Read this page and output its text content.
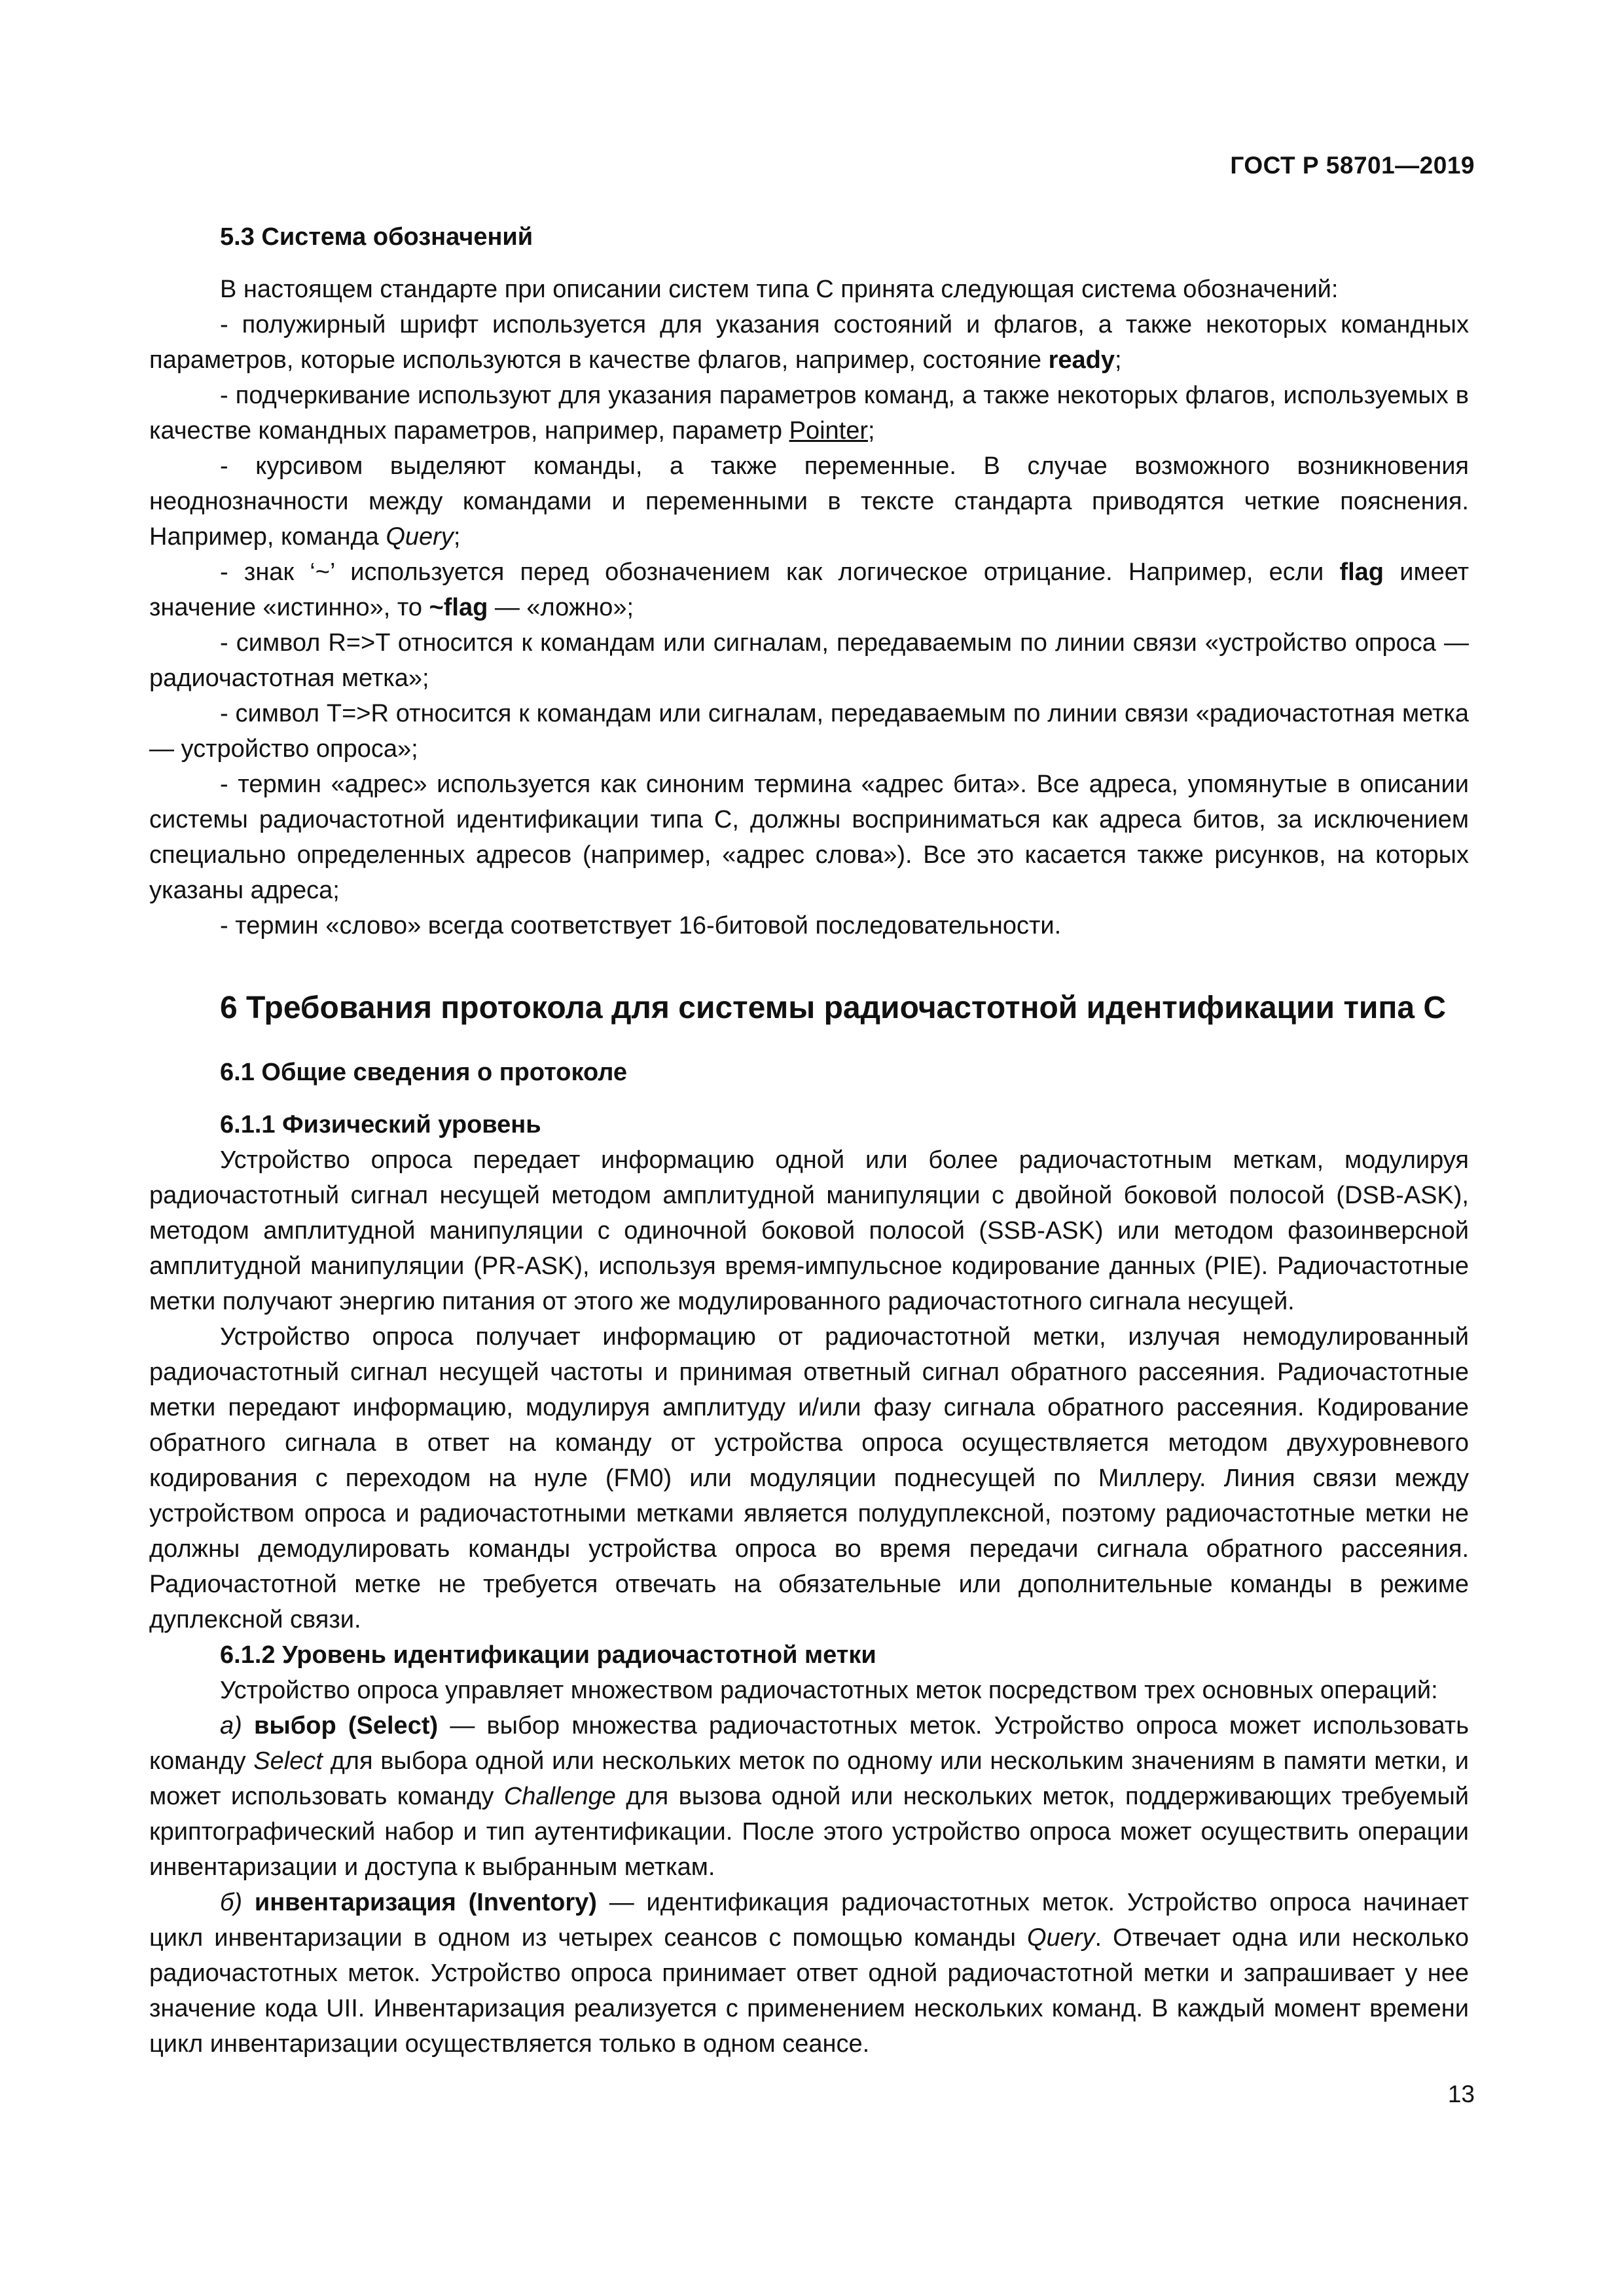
ГОСТ Р 58701—2019

5.3 Система обозначений

В настоящем стандарте при описании систем типа С принята следующая система обозначений:

- полужирный шрифт используется для указания состояний и флагов, а также некоторых командных параметров, которые используются в качестве флагов, например, состояние ready;

- подчеркивание используют для указания параметров команд, а также некоторых флагов, используемых в качестве командных параметров, например, параметр Pointer;

- курсивом выделяют команды, а также переменные. В случае возможного возникновения неоднозначности между командами и переменными в тексте стандарта приводятся четкие пояснения. Например, команда Query;

- знак ‘~’ используется перед обозначением как логическое отрицание. Например, если flag имеет значение «истинно», то ~flag — «ложно»;

- символ R=>T относится к командам или сигналам, передаваемым по линии связи «устройство опроса — радиочастотная метка»;

- символ T=>R относится к командам или сигналам, передаваемым по линии связи «радиочастотная метка — устройство опроса»;

- термин «адрес» используется как синоним термина «адрес бита». Все адреса, упомянутые в описании системы радиочастотной идентификации типа С, должны восприниматься как адреса битов, за исключением специально определенных адресов (например, «адрес слова»). Все это касается также рисунков, на которых указаны адреса;

- термин «слово» всегда соответствует 16-битовой последовательности.

6 Требования протокола для системы радиочастотной идентификации типа С

6.1 Общие сведения о протоколе

6.1.1 Физический уровень

Устройство опроса передает информацию одной или более радиочастотным меткам, модулируя радиочастотный сигнал несущей методом амплитудной манипуляции с двойной боковой полосой (DSB-ASK), методом амплитудной манипуляции с одиночной боковой полосой (SSB-ASK) или методом фазоинверсной амплитудной манипуляции (PR-ASK), используя время-импульсное кодирование данных (PIE). Радиочастотные метки получают энергию питания от этого же модулированного радиочастотного сигнала несущей.

Устройство опроса получает информацию от радиочастотной метки, излучая немодулированный радиочастотный сигнал несущей частоты и принимая ответный сигнал обратного рассеяния. Радиочастотные метки передают информацию, модулируя амплитуду и/или фазу сигнала обратного рассеяния. Кодирование обратного сигнала в ответ на команду от устройства опроса осуществляется методом двухуровневого кодирования с переходом на нуле (FM0) или модуляции поднесущей по Миллеру. Линия связи между устройством опроса и радиочастотными метками является полудуплексной, поэтому радиочастотные метки не должны демодулировать команды устройства опроса во время передачи сигнала обратного рассеяния. Радиочастотной метке не требуется отвечать на обязательные или дополнительные команды в режиме дуплексной связи.

6.1.2 Уровень идентификации радиочастотной метки

Устройство опроса управляет множеством радиочастотных меток посредством трех основных операций:

а) выбор (Select) — выбор множества радиочастотных меток. Устройство опроса может использовать команду Select для выбора одной или нескольких меток по одному или нескольким значениям в памяти метки, и может использовать команду Challenge для вызова одной или нескольких меток, поддерживающих требуемый криптографический набор и тип аутентификации. После этого устройство опроса может осуществить операции инвентаризации и доступа к выбранным меткам.

б) инвентаризация (Inventory) — идентификация радиочастотных меток. Устройство опроса начинает цикл инвентаризации в одном из четырех сеансов с помощью команды Query. Отвечает одна или несколько радиочастотных меток. Устройство опроса принимает ответ одной радиочастотной метки и запрашивает у нее значение кода UII. Инвентаризация реализуется с применением нескольких команд. В каждый момент времени цикл инвентаризации осуществляется только в одном сеансе.

13
